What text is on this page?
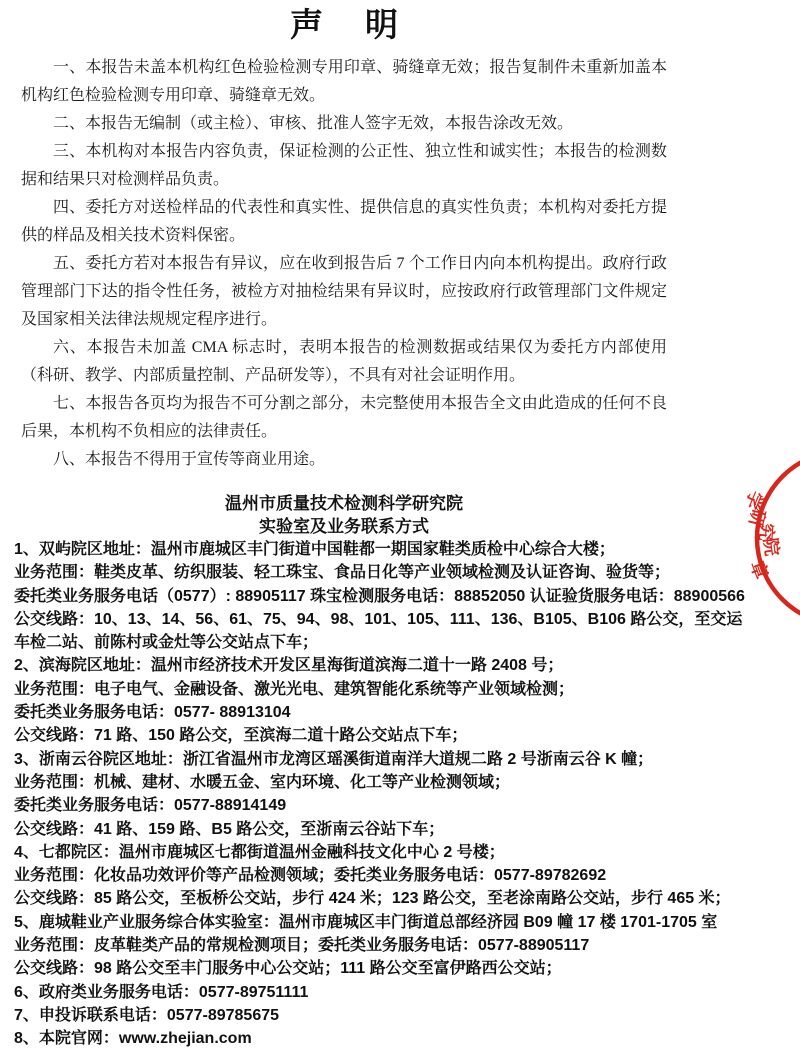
声 明

一、本报告未盖本机构红色检验检测专用印章、骑缝章无效；报告复制件未重新加盖本机构红色检验检测专用印章、骑缝章无效。

二、本报告无编制（或主检）、审核、批准人签字无效，本报告涂改无效。

三、本机构对本报告内容负责，保证检测的公正性、独立性和诚实性；本报告的检测数据和结果只对检测样品负责。

四、委托方对送检样品的代表性和真实性、提供信息的真实性负责；本机构对委托方提供的样品及相关技术资料保密。

五、委托方若对本报告有异议，应在收到报告后 7 个工作日内向本机构提出。政府行政管理部门下达的指令性任务，被检方对抽检结果有异议时，应按政府行政管理部门文件规定及国家相关法律法规规定程序进行。

六、本报告未加盖 CMA 标志时，表明本报告的检测数据或结果仅为委托方内部使用（科研、教学、内部质量控制、产品研发等），不具有对社会证明作用。

七、本报告各页均为报告不可分割之部分，未完整使用本报告全文由此造成的任何不良后果，本机构不负相应的法律责任。

八、本报告不得用于宣传等商业用途。

温州市质量技术检测科学研究院
实验室及业务联系方式

1、双屿院区地址：温州市鹿城区丰门街道中国鞋都一期国家鞋类质检中心综合大楼；

业务范围：鞋类皮革、纺织服装、轻工珠宝、食品日化等产业领域检测及认证咨询、验货等；

委托类业务服务电话（0577）: 88905117 珠宝检测服务电话：88852050 认证验货服务电话：88900566

公交线路：10、13、14、56、61、75、94、98、101、105、111、136、B105、B106 路公交，至交运车检二站、前陈村或金灶等公交站点下车；

2、滨海院区地址：温州市经济技术开发区星海街道滨海二道十一路 2408 号；

业务范围：电子电气、金融设备、激光光电、建筑智能化系统等产业领域检测；

委托类业务服务电话：0577- 88913104

公交线路：71 路、150 路公交，至滨海二道十路公交站点下车；

3、浙南云谷院区地址：浙江省温州市龙湾区瑶溪街道南洋大道规二路 2 号浙南云谷 K 幢；

业务范围：机械、建材、水暖五金、室内环境、化工等产业检测领域；

委托类业务服务电话：0577-88914149

公交线路：41 路、159 路、B5 路公交，至浙南云谷站下车；

4、七都院区：温州市鹿城区七都街道温州金融科技文化中心 2 号楼；

业务范围：化妆品功效评价等产品检测领域；委托类业务服务电话：0577-89782692

公交线路：85 路公交，至板桥公交站，步行 424 米；123 路公交，至老涂南路公交站，步行 465 米；

5、鹿城鞋业产业服务综合体实验室：温州市鹿城区丰门街道总部经济园 B09 幢 17 楼 1701-1705 室

业务范围：皮革鞋类产品的常规检测项目；委托类业务服务电话：0577-88905117

公交线路：98 路公交至丰门服务中心公交站；111 路公交至富伊路西公交站；

6、政府类业务服务电话：0577-89751111

7、申投诉联系电话：0577-89785675

8、本院官网：www.zhejian.com

学
研
究
院
章
